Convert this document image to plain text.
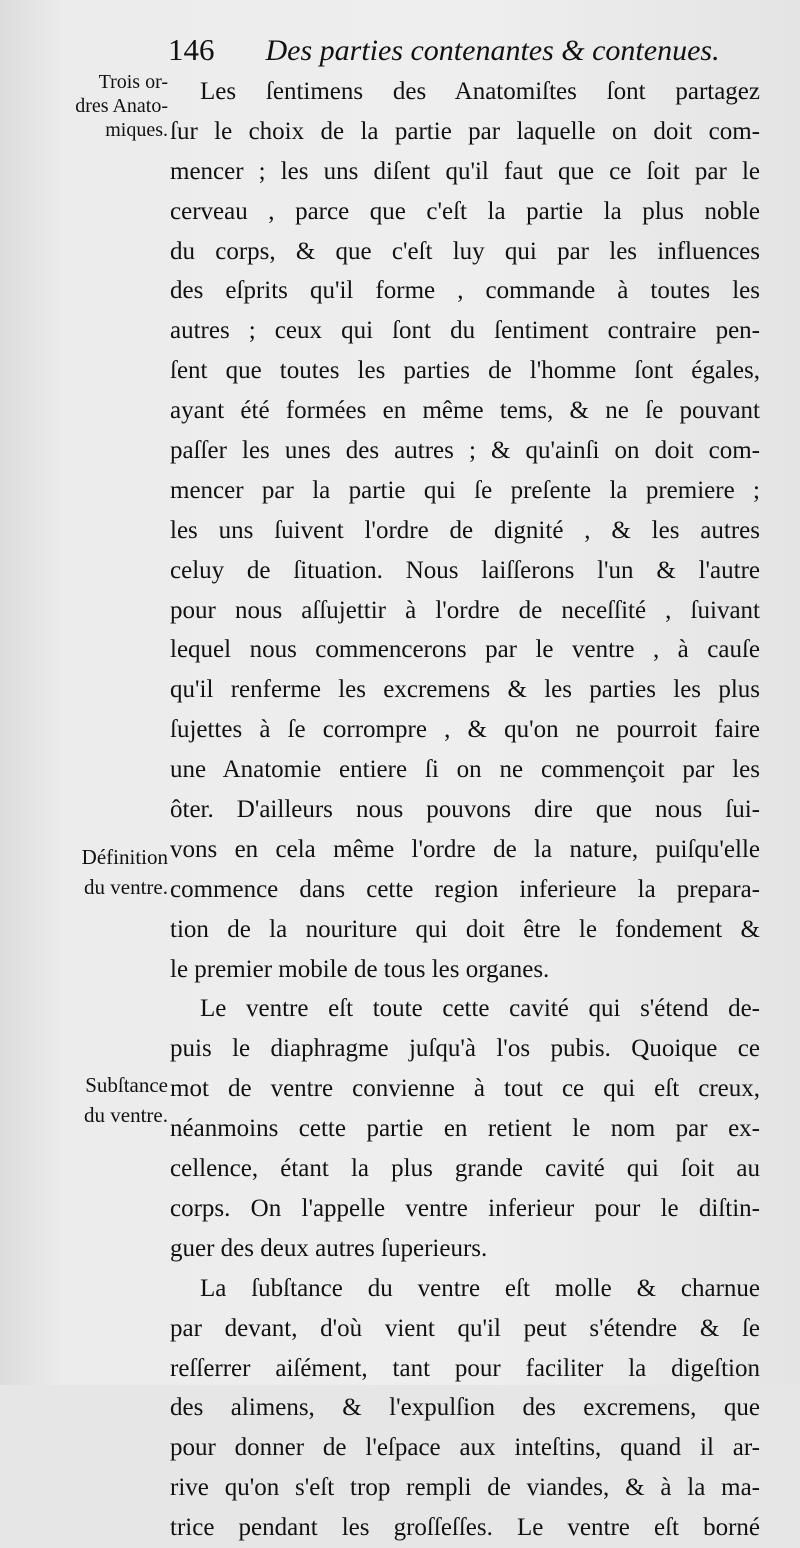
146 Des parties contenantes & contenues.
Trois or-
dres Anato-
miques.
Définition
du ventre.
Subſtance
du ventre.
Les ſentimens des Anatomiſtes ſont partagez
ſur le choix de la partie par laquelle on doit com-
mencer ; les uns diſent qu'il faut que ce ſoit par le
cerveau , parce que c'eſt la partie la plus noble
du corps, & que c'eſt luy qui par les influences
des eſprits qu'il forme , commande à toutes les
autres ; ceux qui ſont du ſentiment contraire pen-
ſent que toutes les parties de l'homme ſont égales,
ayant été formées en même tems, & ne ſe pouvant
paſſer les unes des autres ; & qu'ainſi on doit com-
mencer par la partie qui ſe preſente la premiere ;
les uns ſuivent l'ordre de dignité , & les autres
celuy de ſituation. Nous laiſſerons l'un & l'autre
pour nous aſſujettir à l'ordre de neceſſité , ſuivant
lequel nous commencerons par le ventre , à cauſe
qu'il renferme les excremens & les parties les plus
ſujettes à ſe corrompre , & qu'on ne pourroit faire
une Anatomie entiere ſi on ne commençoit par les
ôter. D'ailleurs nous pouvons dire que nous ſui-
vons en cela même l'ordre de la nature, puiſqu'elle
commence dans cette region inferieure la prepara-
tion de la nouriture qui doit être le fondement &
le premier mobile de tous les organes.
Le ventre eſt toute cette cavité qui s'étend de-
puis le diaphragme juſqu'à l'os pubis. Quoique ce
mot de ventre convienne à tout ce qui eſt creux,
néanmoins cette partie en retient le nom par ex-
cellence, étant la plus grande cavité qui ſoit au
corps. On l'appelle ventre inferieur pour le diſtin-
guer des deux autres ſuperieurs.
La ſubſtance du ventre eſt molle & charnue
par devant, d'où vient qu'il peut s'étendre & ſe
reſſerrer aiſément, tant pour faciliter la digeſtion
des alimens, & l'expulſion des excremens, que
pour donner de l'eſpace aux inteſtins, quand il ar-
rive qu'on s'eſt trop rempli de viandes, & à la ma-
trice pendant les groſſeſſes. Le ventre eſt borné
